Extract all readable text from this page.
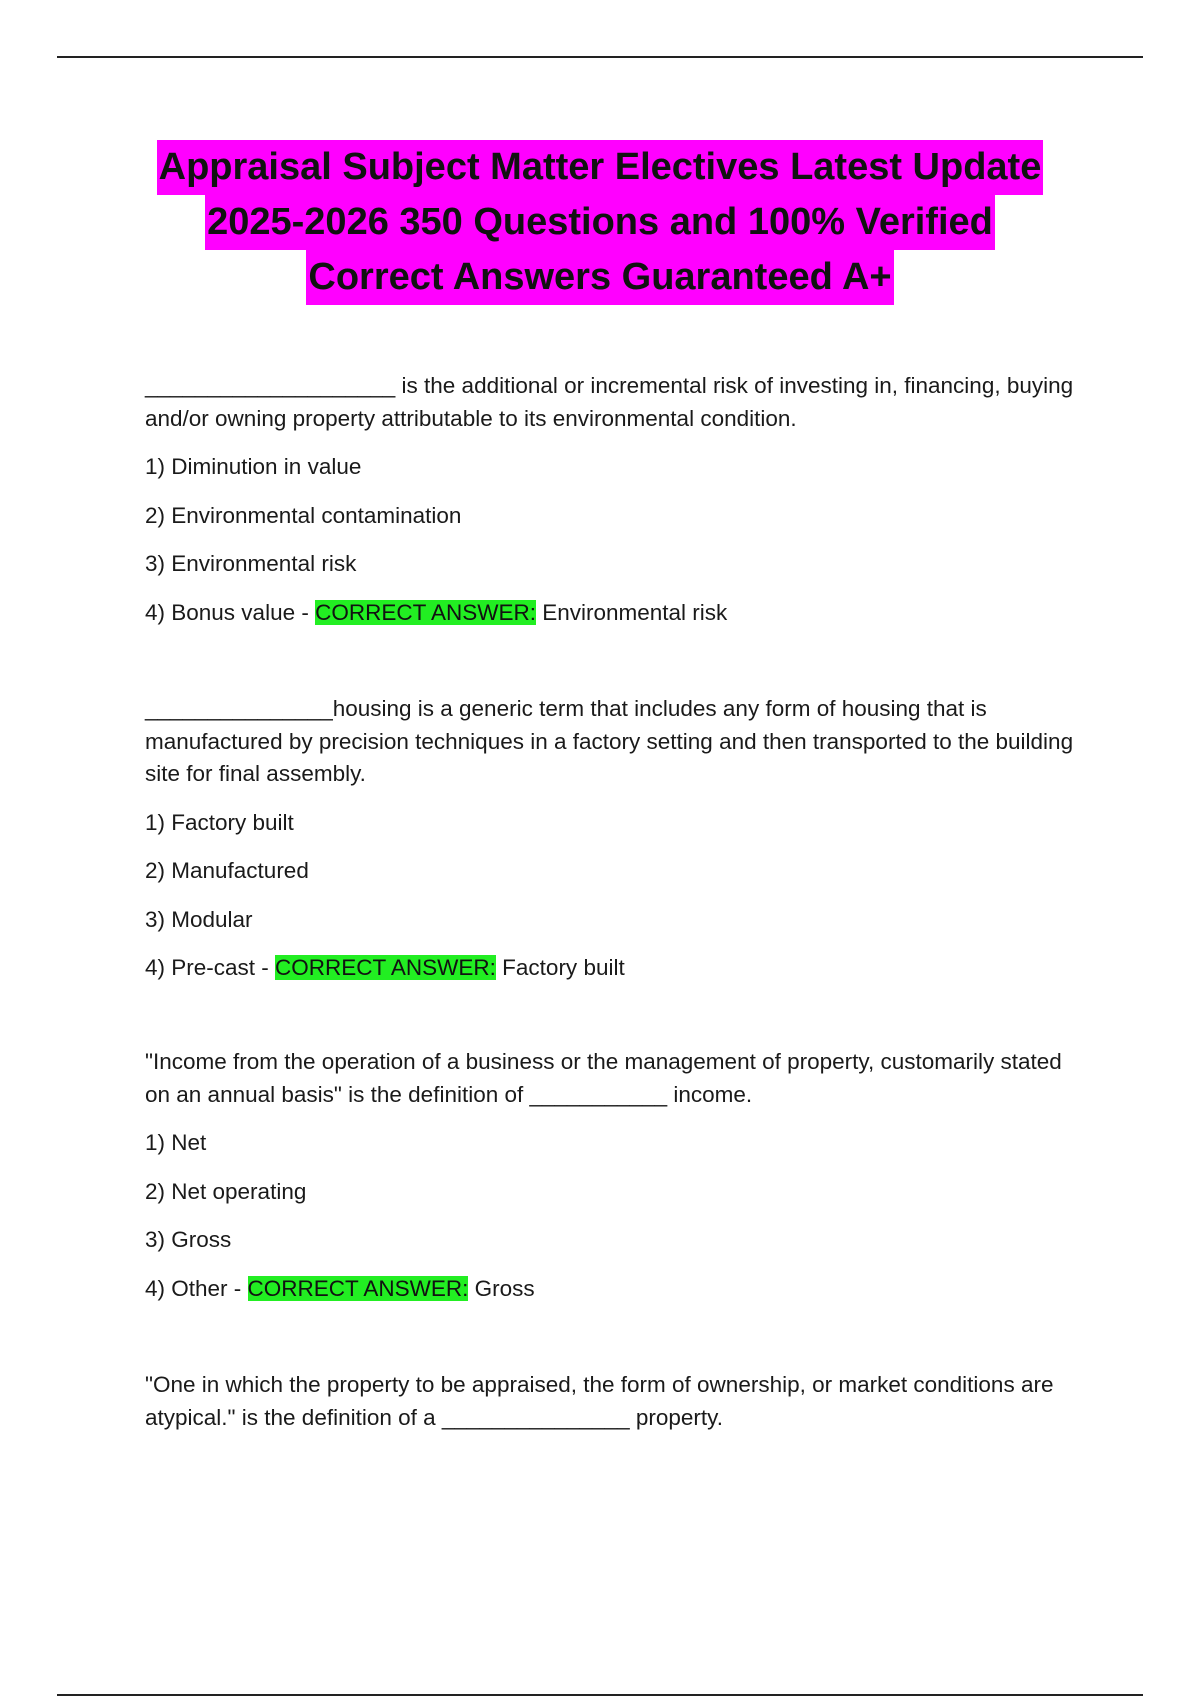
Appraisal Subject Matter Electives Latest Update
2025-2026 350 Questions and 100% Verified
Correct Answers Guaranteed A+

____________________ is the additional or incremental risk of investing in, financing, buying and/or owning property attributable to its environmental condition.

1) Diminution in value
2) Environmental contamination
3) Environmental risk
4) Bonus value - CORRECT ANSWER: Environmental risk

_______________housing is a generic term that includes any form of housing that is manufactured by precision techniques in a factory setting and then transported to the building site for final assembly.

1) Factory built
2) Manufactured
3) Modular
4) Pre-cast - CORRECT ANSWER: Factory built

"Income from the operation of a business or the management of property, customarily stated on an annual basis" is the definition of ___________ income.

1) Net
2) Net operating
3) Gross
4) Other - CORRECT ANSWER: Gross

"One in which the property to be appraised, the form of ownership, or market conditions are atypical." is the definition of a _______________ property.
